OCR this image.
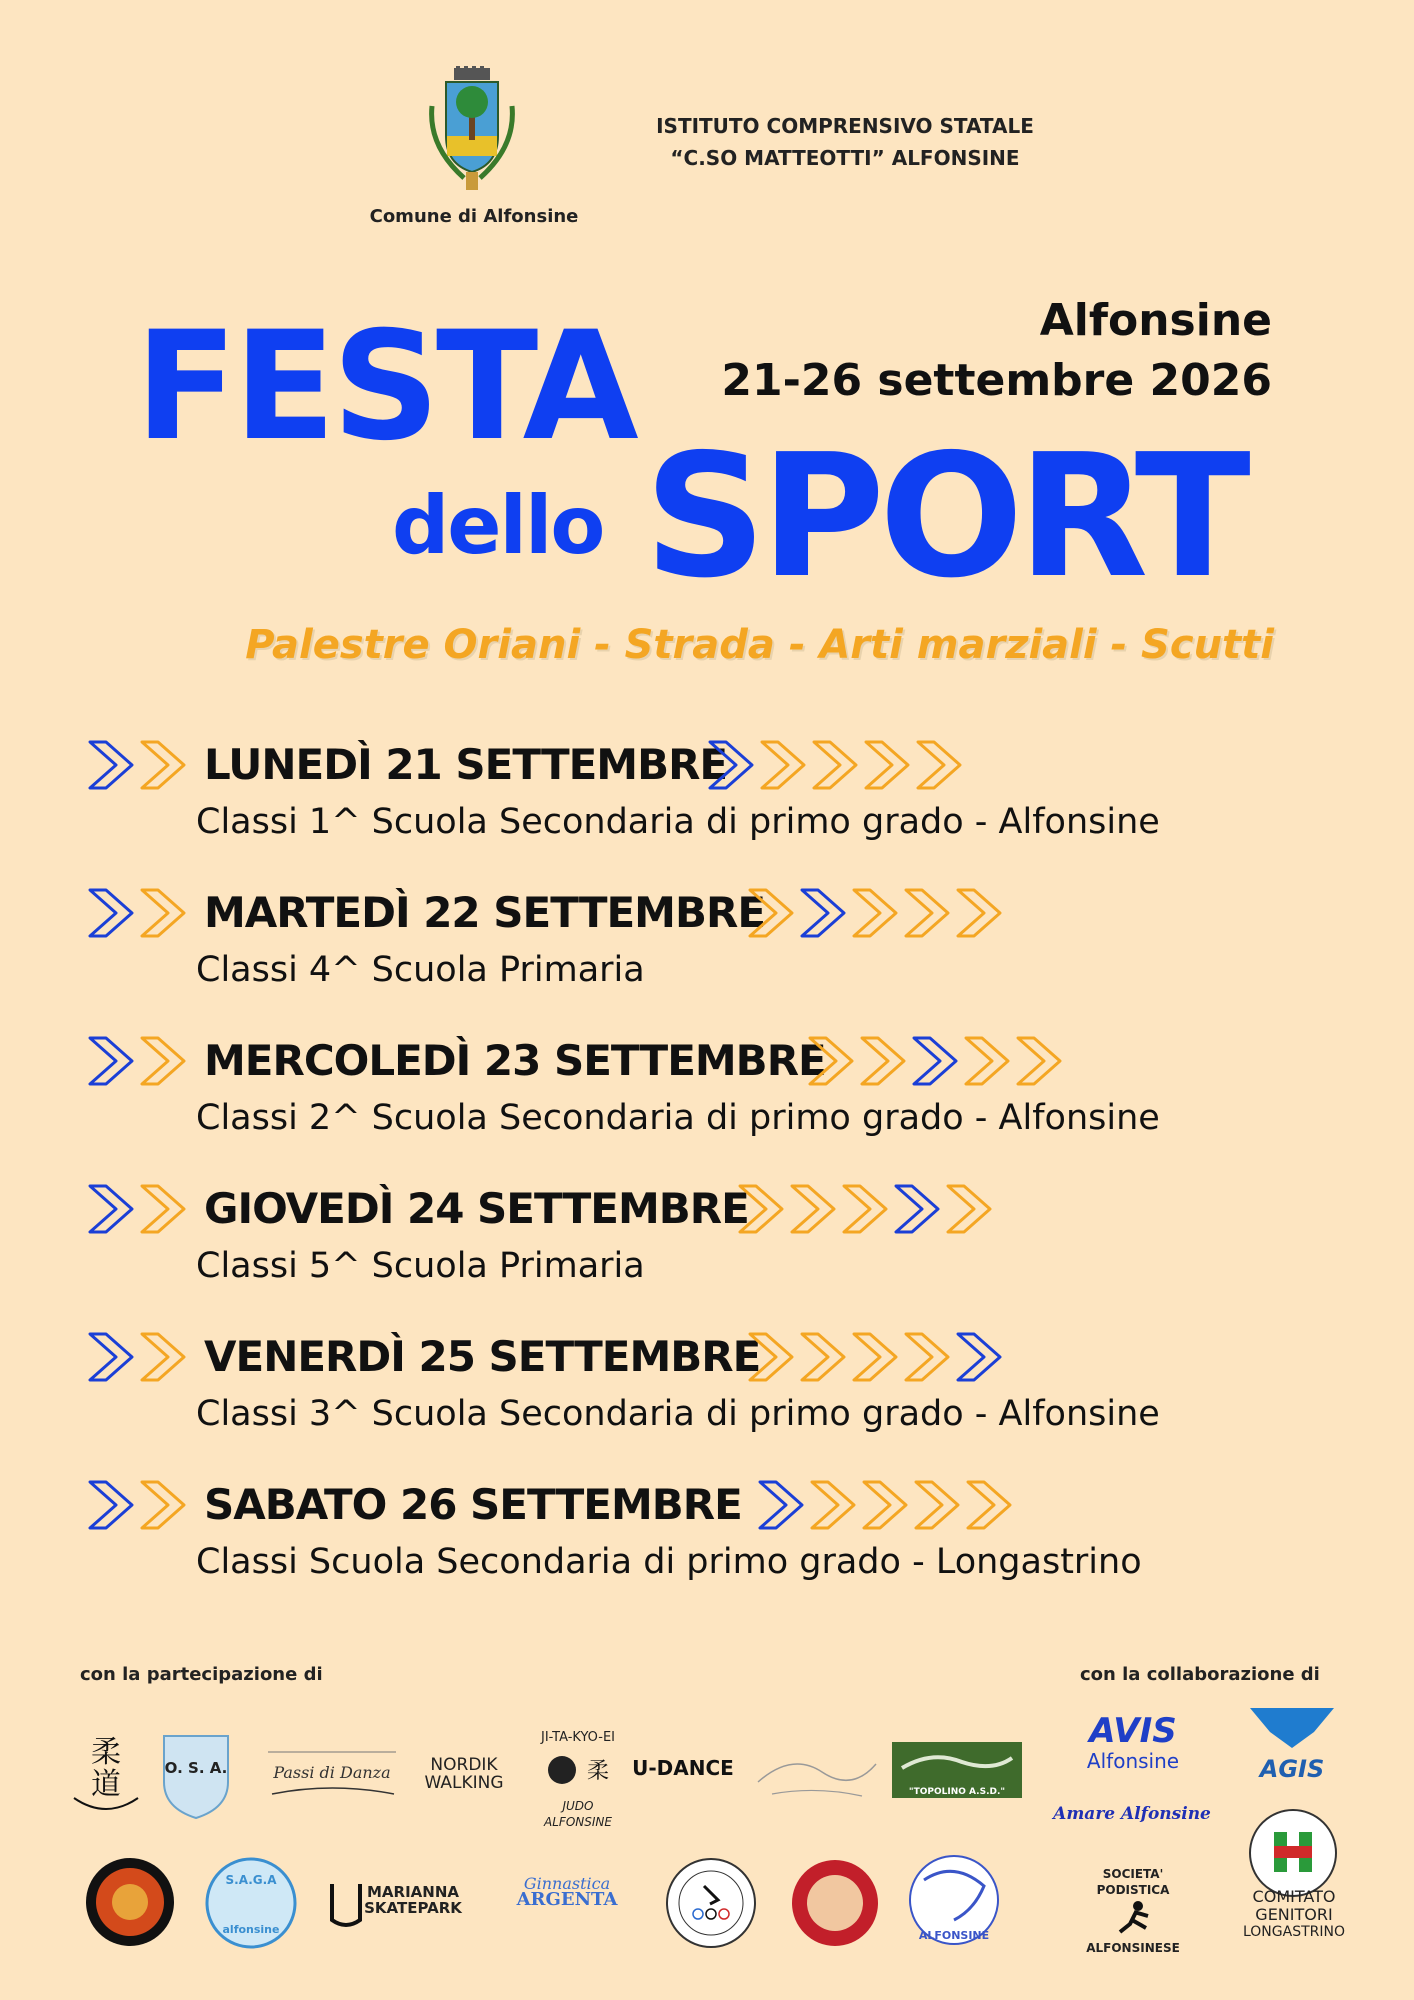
Comune di Alfonsine
ISTITUTO COMPRENSIVO STATALE
“C.SO MATTEOTTI” ALFONSINE
FESTA
dello SPORT
Alfonsine
21-26 settembre 2026
Palestre Oriani - Strada - Arti marziali - Scutti
LUNEDÌ 21 SETTEMBRE
Classi 1^ Scuola Secondaria di primo grado - Alfonsine
MARTEDÌ 22 SETTEMBRE
Classi 4^ Scuola Primaria
MERCOLEDÌ 23 SETTEMBRE
Classi 2^ Scuola Secondaria di primo grado - Alfonsine
GIOVEDÌ 24 SETTEMBRE
Classi 5^ Scuola Primaria
VENERDÌ 25 SETTEMBRE
Classi 3^ Scuola Secondaria di primo grado - Alfonsine
SABATO 26 SETTEMBRE
Classi Scuola Secondaria di primo grado - Longastrino
con la partecipazione di	con la collaborazione di
柔
道	O. S. A.	Passi di Danza	NORDIK
WALKING
JI-TA-KYO-EI
柔
JUDO ALFONSINE
U-DANCE
"TOPOLINO A.S.D."
S.A.G.A
alfonsine
MARIANNA
SKATEPARK
Ginnastica
ARGENTA
ALFONSINE
AVIS
Alfonsine	AGIS
Amare Alfonsine
SOCIETA' PODISTICA
ALFONSINESE
COMITATO
GENITORI
LONGASTRINO
